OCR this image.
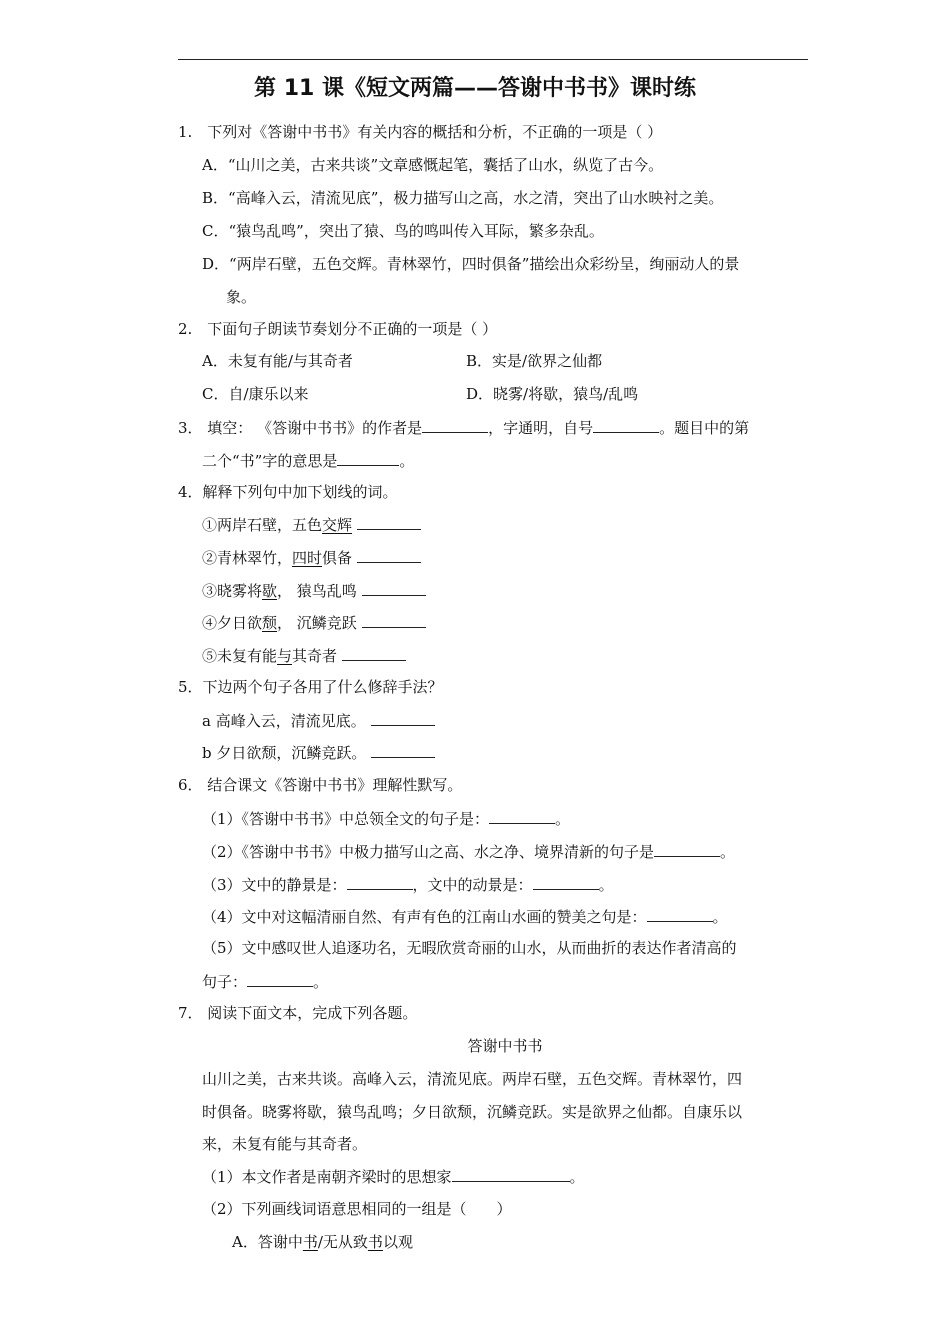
第 11 课《短文两篇——答谢中书书》课时练
1.　下列对《答谢中书书》有关内容的概括和分析，不正确的一项是（ ）
A．“山川之美，古来共谈”文章感慨起笔，囊括了山水，纵览了古今。
B．“高峰入云，清流见底”，极力描写山之高，水之清，突出了山水映衬之美。
C．“猿鸟乱鸣”，突出了猿、鸟的鸣叫传入耳际，繁多杂乱。
D．“两岸石壁，五色交辉。青林翠竹，四时俱备”描绘出众彩纷呈，绚丽动人的景
象。
2.　下面句子朗读节奏划分不正确的一项是（ ）
A．未复有能/与其奇者	B．实是/欲界之仙都
C．自/康乐以来	D．晓雾/将歇，猿鸟/乱鸣
3． 填空： 《答谢中书书》的作者是	，字通明，自号	。题目中的第
二个“书”字的意思是	。
4．解释下列句中加下划线的词。
①两岸石壁，五色交辉
②青林翠竹，四时俱备
③晓雾将歇， 猿鸟乱鸣
④夕日欲颓， 沉鳞竞跃
⑤未复有能与其奇者
5．下边两个句子各用了什么修辞手法？
a 高峰入云，清流见底。
b 夕日欲颓，沉鳞竞跃。
6． 结合课文《答谢中书书》理解性默写。
（1）《答谢中书书》中总领全文的句子是：	。
（2）《答谢中书书》中极力描写山之高、水之净、境界清新的句子是	。
（3）文中的静景是：	，文中的动景是：	。
（4）文中对这幅清丽自然、有声有色的江南山水画的赞美之句是：	。
（5）文中感叹世人追逐功名，无暇欣赏奇丽的山水，从而曲折的表达作者清高的
句子：	。
7． 阅读下面文本，完成下列各题。
答谢中书书
山川之美，古来共谈。高峰入云，清流见底。两岸石壁，五色交辉。青林翠竹，四
时俱备。晓雾将歇，猿鸟乱鸣；夕日欲颓，沉鳞竞跃。实是欲界之仙都。自康乐以
来，未复有能与其奇者。
（1）本文作者是南朝齐梁时的思想家	。
（2）下列画线词语意思相同的一组是（　　）
A．答谢中书/无从致书以观
